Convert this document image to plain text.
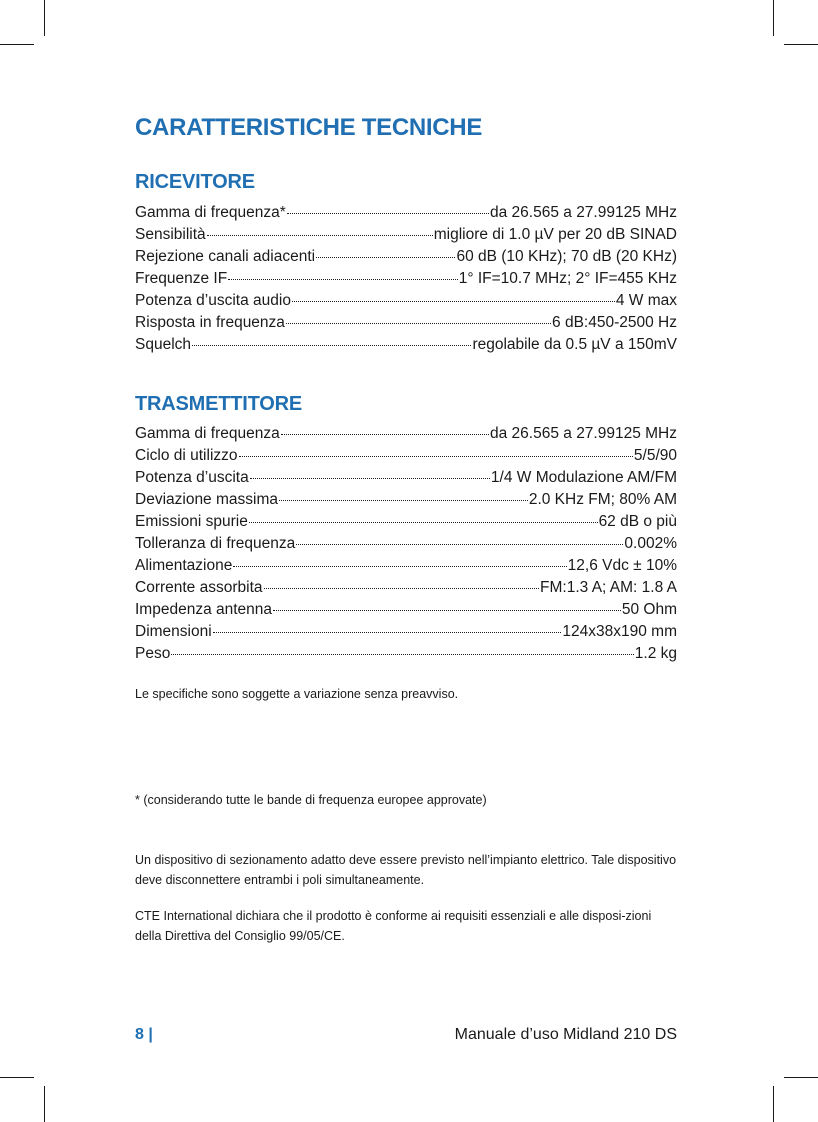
CARATTERISTICHE TECNICHE
RICEVITORE
Gamma di frequenza*	da 26.565 a 27.99125 MHz
Sensibilità	migliore di 1.0 µV per 20 dB SINAD
Rejezione canali adiacenti	60 dB (10 KHz); 70 dB (20 KHz)
Frequenze IF	1° IF=10.7 MHz; 2° IF=455 KHz
Potenza d’uscita audio	4 W max
Risposta in frequenza	6 dB:450-2500 Hz
Squelch	regolabile da 0.5 µV a 150mV
TRASMETTITORE
Gamma di frequenza	da 26.565 a 27.99125 MHz
Ciclo di utilizzo	5/5/90
Potenza d’uscita	1/4 W Modulazione AM/FM
Deviazione massima	2.0 KHz FM; 80% AM
Emissioni spurie	62 dB o più
Tolleranza di frequenza	0.002%
Alimentazione	12,6 Vdc ± 10%
Corrente assorbita	FM:1.3 A; AM: 1.8 A
Impedenza antenna	50 Ohm
Dimensioni	124x38x190 mm
Peso	1.2 kg
Le specifiche sono soggette a variazione senza preavviso.
* (considerando tutte le bande di frequenza europee approvate)
Un dispositivo di sezionamento adatto deve essere previsto nell’impianto elettrico. Tale dispositivo deve disconnettere entrambi i poli simultaneamente.
CTE International dichiara che il prodotto è conforme ai requisiti essenziali e alle disposi-zioni della Direttiva del Consiglio 99/05/CE.
8 |	Manuale d’uso Midland 210 DS
